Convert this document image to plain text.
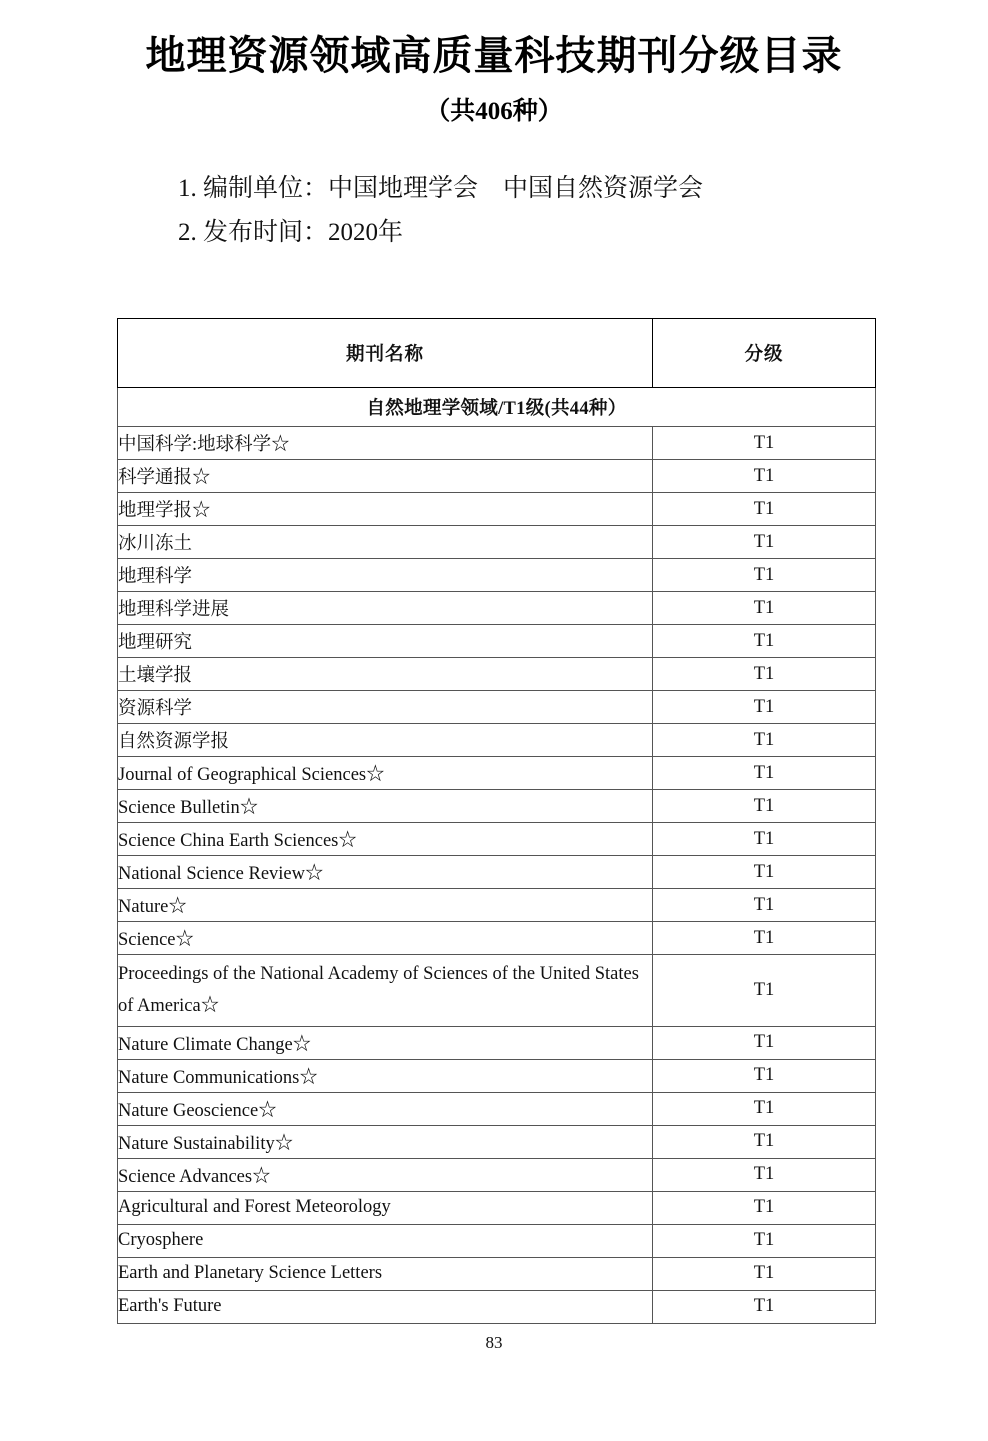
地理资源领域高质量科技期刊分级目录
（共406种）
1. 编制单位：中国地理学会　中国自然资源学会
2. 发布时间：2020年
期刊名称	分级
自然地理学领域/T1级(共44种）	
中国科学:地球科学☆	T1
科学通报☆	T1
地理学报☆	T1
冰川冻土	T1
地理科学	T1
地理科学进展	T1
地理研究	T1
土壤学报	T1
资源科学	T1
自然资源学报	T1
Journal of Geographical Sciences☆	T1
Science Bulletin☆	T1
Science China Earth Sciences☆	T1
National Science Review☆	T1
Nature☆	T1
Science☆	T1
Proceedings of the National Academy of Sciences of the United States of America☆	T1
Nature Climate Change☆	T1
Nature Communications☆	T1
Nature Geoscience☆	T1
Nature Sustainability☆	T1
Science Advances☆	T1
Agricultural and Forest Meteorology	T1
Cryosphere	T1
Earth and Planetary Science Letters	T1
Earth's Future	T1
83
